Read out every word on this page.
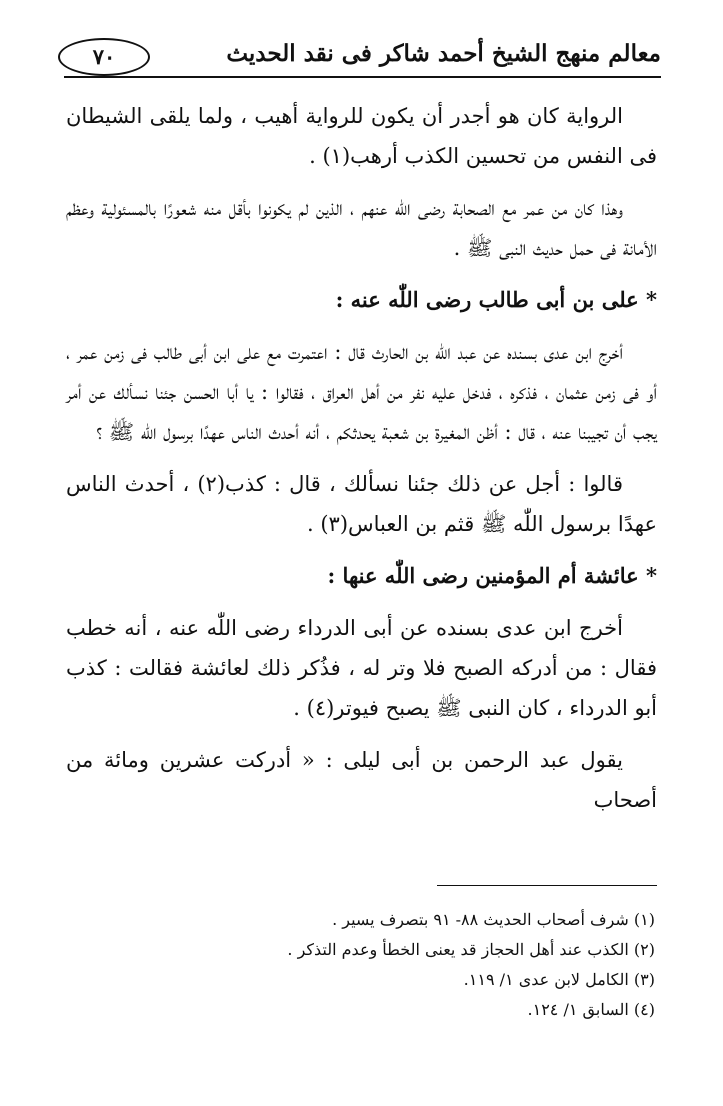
معالم منهج الشيخ أحمد شاكر فى نقد الحديث
٧٠

الرواية كان هو أجدر أن يكون للرواية أهيب ، ولما يلقى الشيطان فى النفس من تحسين الكذب أرهب(١) .

وهذا كان من عمر مع الصحابة رضى اللّٰه عنهم ، الذين لم يكونوا بأقل منه شعورًا بالمسئولية وعظم الأمانة فى حمل حديث النبى ﷺ .

* على بن أبى طالب رضى اللّٰه عنه :

أخرج ابن عدى بسنده عن عبد اللّٰه بن الحارث قال : اعتمرت مع على ابن أبى طالب فى زمن عمر ، أو فى زمن عثمان ، فذكره ، فدخل عليه نفر من أهل العراق ، فقالوا : يا أبا الحسن جئنا نسألك عن أمر يجب أن تجيبنا عنه ، قال : أظن المغيرة بن شعبة يحدثكم ، أنه أحدث الناس عهدًا برسول اللّٰه ﷺ ؟

قالوا : أجل عن ذلك جئنا نسألك ، قال : كذب(٢) ، أحدث الناس عهدًا برسول اللّٰه ﷺ قثم بن العباس(٣) .

* عائشة أم المؤمنين رضى اللّٰه عنها :

أخرج ابن عدى بسنده عن أبى الدرداء رضى اللّٰه عنه ، أنه خطب فقال : من أدركه الصبح فلا وتر له ، فذُكر ذلك لعائشة فقالت : كذب أبو الدرداء ، كان النبى ﷺ يصبح فيوتر(٤) .

يقول عبد الرحمن بن أبى ليلى : « أدركت عشرين ومائة من أصحاب

(١) شرف أصحاب الحديث ٨٨- ٩١ بتصرف يسير .

(٢) الكذب عند أهل الحجاز قد يعنى الخطأ وعدم التذكر .

(٣) الكامل لابن عدى ١/ ١١٩.

(٤) السابق ١/ ١٢٤.
